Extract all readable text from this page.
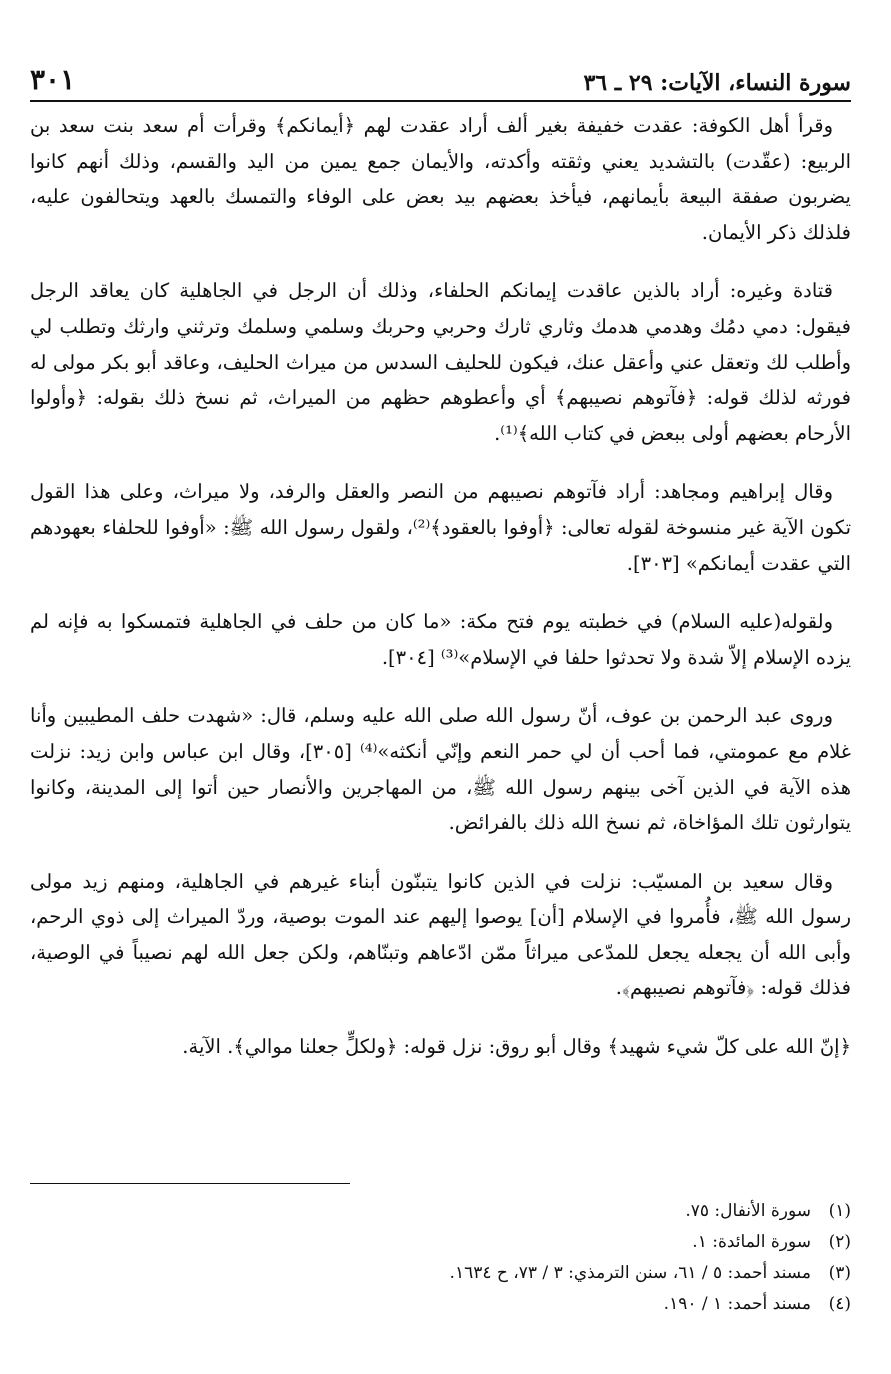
سورة النساء، الآيات: ٢٩ ـ ٣٦
٣٠١

وقرأ أهل الكوفة: عقدت خفيفة بغير ألف أراد عقدت لهم ﴿أيمانكم﴾ وقرأت أم سعد بنت سعد بن الربيع: (عقّدت) بالتشديد يعني وثقته وأكدته، والأيمان جمع يمين من اليد والقسم، وذلك أنهم كانوا يضربون صفقة البيعة بأيمانهم، فيأخذ بعضهم بيد بعض على الوفاء والتمسك بالعهد ويتحالفون عليه، فلذلك ذكر الأيمان.

قتادة وغيره: أراد بالذين عاقدت إيمانكم الحلفاء، وذلك أن الرجل في الجاهلية كان يعاقد الرجل فيقول: دمي دمُك وهدمي هدمك وثاري ثارك وحربي وحربك وسلمي وسلمك وترثني وارثك وتطلب لي وأطلب لك وتعقل عني وأعقل عنك، فيكون للحليف السدس من ميراث الحليف، وعاقد أبو بكر مولى له فورثه لذلك قوله: ﴿فآتوهم نصيبهم﴾ أي وأعطوهم حظهم من الميراث، ثم نسخ ذلك بقوله: ﴿وأولوا الأرحام بعضهم أولى ببعض في كتاب الله﴾⁽¹⁾.

وقال إبراهيم ومجاهد: أراد فآتوهم نصيبهم من النصر والعقل والرفد، ولا ميراث، وعلى هذا القول تكون الآية غير منسوخة لقوله تعالى: ﴿أوفوا بالعقود﴾⁽²⁾، ولقول رسول الله ﷺ: «أوفوا للحلفاء بعهودهم التي عقدت أيمانكم» [٣٠٣].

ولقوله(عليه السلام) في خطبته يوم فتح مكة: «ما كان من حلف في الجاهلية فتمسكوا به فإنه لم يزده الإسلام إلاّ شدة ولا تحدثوا حلفا في الإسلام»⁽³⁾ [٣٠٤].

وروى عبد الرحمن بن عوف، أنّ رسول الله صلى الله عليه وسلم، قال: «شهدت حلف المطيبين وأنا غلام مع عمومتي، فما أحب أن لي حمر النعم وإنّي أنكثه»⁽⁴⁾ [٣٠٥]، وقال ابن عباس وابن زيد: نزلت هذه الآية في الذين آخى بينهم رسول الله ﷺ، من المهاجرين والأنصار حين أتوا إلى المدينة، وكانوا يتوارثون تلك المؤاخاة، ثم نسخ الله ذلك بالفرائض.

وقال سعيد بن المسيّب: نزلت في الذين كانوا يتبنّون أبناء غيرهم في الجاهلية، ومنهم زيد مولى رسول الله ﷺ، فأُمروا في الإسلام [أن] يوصوا إليهم عند الموت بوصية، وردّ الميراث إلى ذوي الرحم، وأبى الله أن يجعله يجعل للمدّعى ميراثاً ممّن ادّعاهم وتبنّاهم، ولكن جعل الله لهم نصيباً في الوصية، فذلك قوله: ﴿فآتوهم نصيبهم﴾.

﴿إنّ الله على كلّ شيء شهيد﴾ وقال أبو روق: نزل قوله: ﴿ولكلٍّ جعلنا موالي﴾. الآية.

(١)
سورة الأنفال: ٧٥.
(٢)
سورة المائدة: ١.
(٣)
مسند أحمد: ٥ / ٦١، سنن الترمذي: ٣ / ٧٣، ح ١٦٣٤.
(٤)
مسند أحمد: ١ / ١٩٠.
